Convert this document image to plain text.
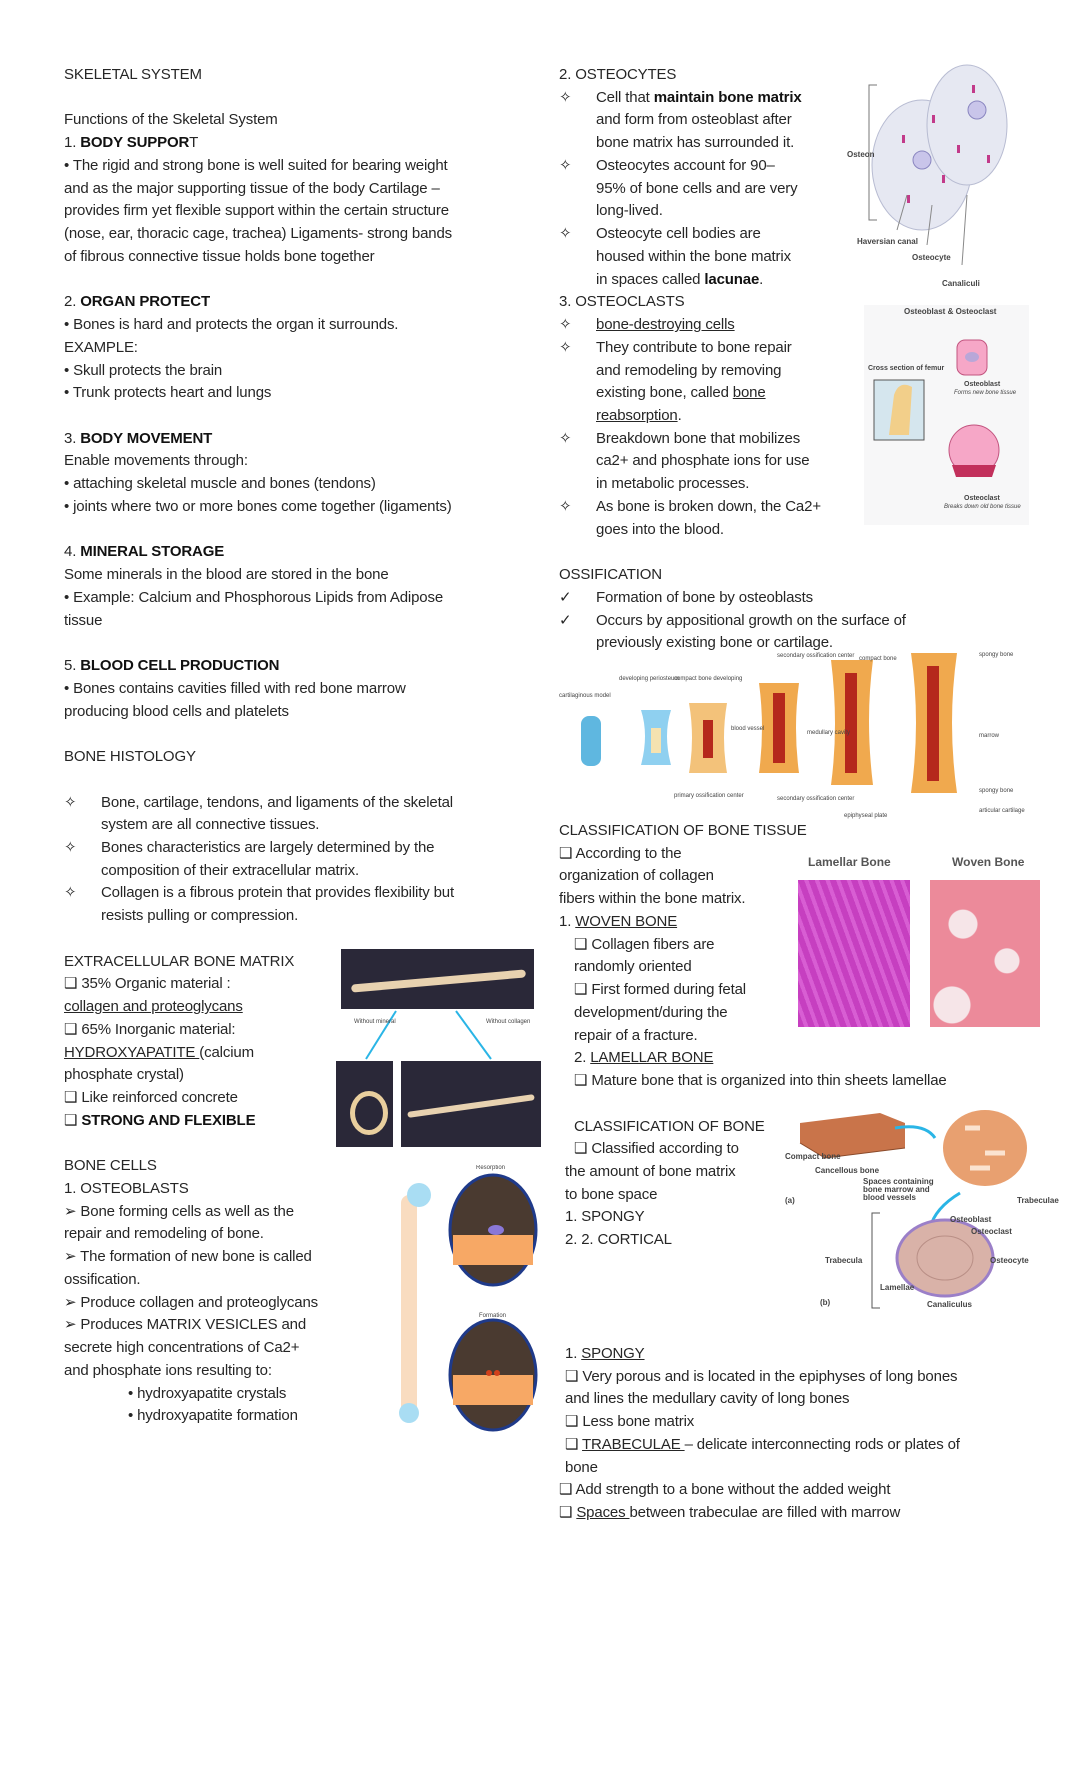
SKELETAL SYSTEM
Functions of the Skeletal System
1. BODY SUPPORT
• The rigid and strong bone is well suited for bearing weight
and as the major supporting tissue of the body Cartilage –
provides firm yet flexible support within the certain structure
(nose, ear, thoracic cage, trachea) Ligaments- strong bands
of fibrous connective tissue holds bone together
2. ORGAN PROTECT
• Bones is hard and protects the organ it surrounds.
EXAMPLE:
• Skull protects the brain
• Trunk protects heart and lungs
3. BODY MOVEMENT
Enable movements through:
• attaching skeletal muscle and bones (tendons)
• joints where two or more bones come together (ligaments)
4. MINERAL STORAGE
Some minerals in the blood are stored in the bone
• Example: Calcium and Phosphorous Lipids from Adipose
tissue
5. BLOOD CELL PRODUCTION
• Bones contains cavities filled with red bone marrow
producing blood cells and platelets
BONE HISTOLOGY
✧ Bone, cartilage, tendons, and ligaments of the skeletal
system are all connective tissues.
✧ Bones characteristics are largely determined by the
composition of their extracellular matrix.
✧ Collagen is a fibrous protein that provides flexibility but
resists pulling or compression.
EXTRACELLULAR BONE MATRIX
❑ 35% Organic material :
collagen and proteoglycans
❑ 65% Inorganic material:
HYDROXYAPATITE (calcium
phosphate crystal)
❑ Like reinforced concrete
❑ STRONG AND FLEXIBLE
BONE CELLS
1. OSTEOBLASTS
➢ Bone forming cells as well as the
repair and remodeling of bone.
➢ The formation of new bone is called
ossification.
➢ Produce collagen and proteoglycans
➢ Produces MATRIX VESICLES and
secrete high concentrations of Ca2+
and phosphate ions resulting to:
• hydroxyapatite crystals
• hydroxyapatite formation
2. OSTEOCYTES
✧ Cell that maintain bone matrix
and form from osteoblast after
bone matrix has surrounded it.
✧ Osteocytes account for 90–
95% of bone cells and are very
long-lived.
✧ Osteocyte cell bodies are
housed within the bone matrix
in spaces called lacunae.
3. OSTEOCLASTS
✧ bone-destroying cells
✧ They contribute to bone repair
and remodeling by removing
existing bone, called bone
reabsorption.
✧ Breakdown bone that mobilizes
ca2+ and phosphate ions for use
in metabolic processes.
✧ As bone is broken down, the Ca2+
goes into the blood.
OSSIFICATION
✓ Formation of bone by osteoblasts
✓ Occurs by appositional growth on the surface of
previously existing bone or cartilage.
CLASSIFICATION OF BONE TISSUE
❑ According to the
organization of collagen
fibers within the bone matrix.
1. WOVEN BONE
❑ Collagen fibers are
randomly oriented
❑ First formed during fetal
development/during the
repair of a fracture.
2. LAMELLAR BONE
❑ Mature bone that is organized into thin sheets lamellae
CLASSIFICATION OF BONE
❑ Classified according to
the amount of bone matrix
to bone space
1. SPONGY
2. 2. CORTICAL
1. SPONGY
❑ Very porous and is located in the epiphyses of long bones
and lines the medullary cavity of long bones
❑ Less bone matrix
❑ TRABECULAE – delicate interconnecting rods or plates of
bone
❑ Add strength to a bone without the added weight
❑ Spaces between trabeculae are filled with marrow
Osteon
Haversian canal
Osteocyte
Canaliculi
Osteoblast & Osteoclast
Cross section of femur
Osteoblast
Forms new bone tissue
Osteoclast
Breaks down old bone tissue
cartilaginous model
developing periosteum
compact bone developing
blood vessel
primary ossification center
secondary ossification center
medullary cavity
secondary ossification center
compact bone
epiphyseal plate
spongy bone
marrow
spongy bone
articular cartilage
Lamellar Bone	Woven Bone
Without mineral	Without collagen
Resorption
Formation
Compact bone
Cancellous bone
Spaces containing bone marrow and blood vessels
(a)	Trabeculae
Osteoblast
Osteoclast
Osteocyte
Trabecula
Lamellae
(b)	Canaliculus
